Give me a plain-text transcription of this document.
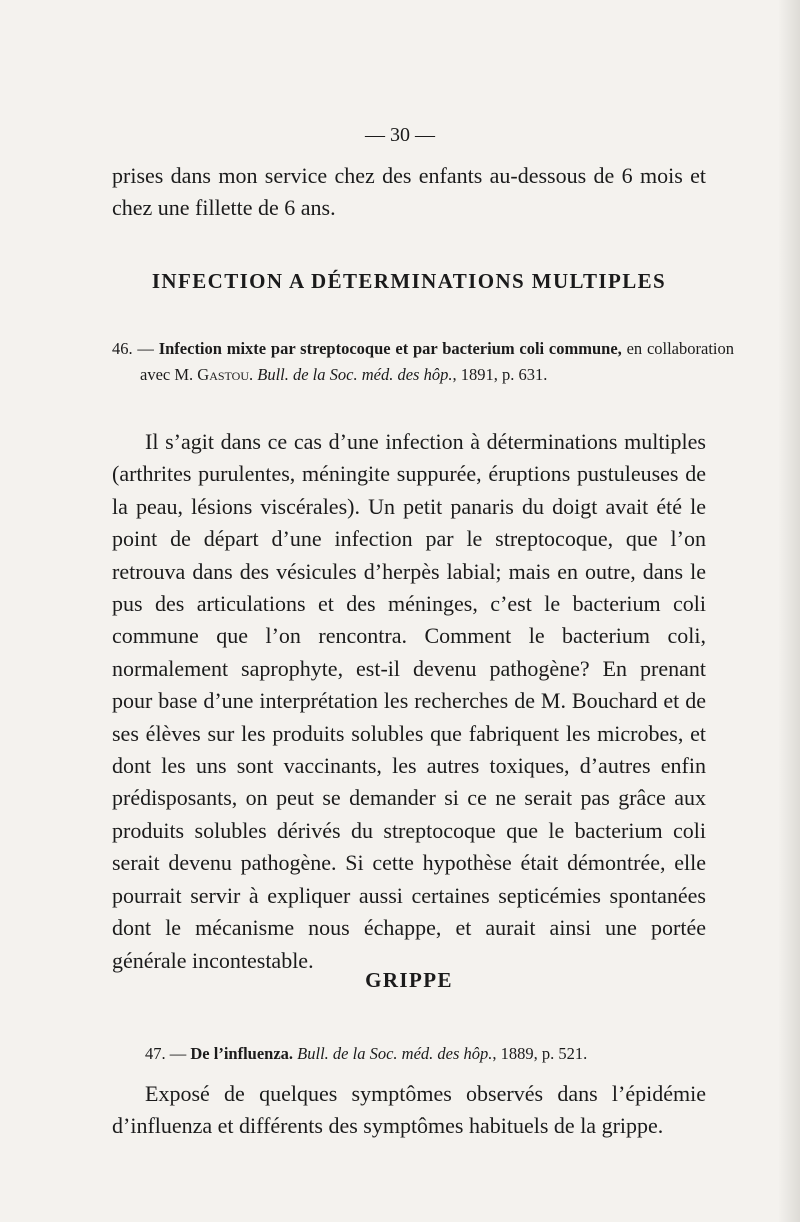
— 30 —

prises dans mon service chez des enfants au-dessous de 6 mois et chez une fillette de 6 ans.

INFECTION A DÉTERMINATIONS MULTIPLES

46. — Infection mixte par streptocoque et par bacterium coli commune, en collaboration avec M. Gastou. Bull. de la Soc. méd. des hôp., 1891, p. 631.

Il s’agit dans ce cas d’une infection à déterminations multiples (arthrites purulentes, méningite suppurée, éruptions pustuleuses de la peau, lésions viscérales). Un petit panaris du doigt avait été le point de départ d’une infection par le streptocoque, que l’on retrouva dans des vésicules d’herpès labial; mais en outre, dans le pus des articulations et des méninges, c’est le bacterium coli commune que l’on rencontra. Comment le bacterium coli, normalement saprophyte, est-il devenu pathogène? En prenant pour base d’une interprétation les recherches de M. Bouchard et de ses élèves sur les produits solubles que fabriquent les microbes, et dont les uns sont vaccinants, les autres toxiques, d’autres enfin prédisposants, on peut se demander si ce ne serait pas grâce aux produits solubles dérivés du streptocoque que le bacterium coli serait devenu pathogène. Si cette hypothèse était démontrée, elle pourrait servir à expliquer aussi certaines septicémies spontanées dont le mécanisme nous échappe, et aurait ainsi une portée générale incontestable.

GRIPPE

47. — De l’influenza. Bull. de la Soc. méd. des hôp., 1889, p. 521.

Exposé de quelques symptômes observés dans l’épidémie d’influenza et différents des symptômes habituels de la grippe.
